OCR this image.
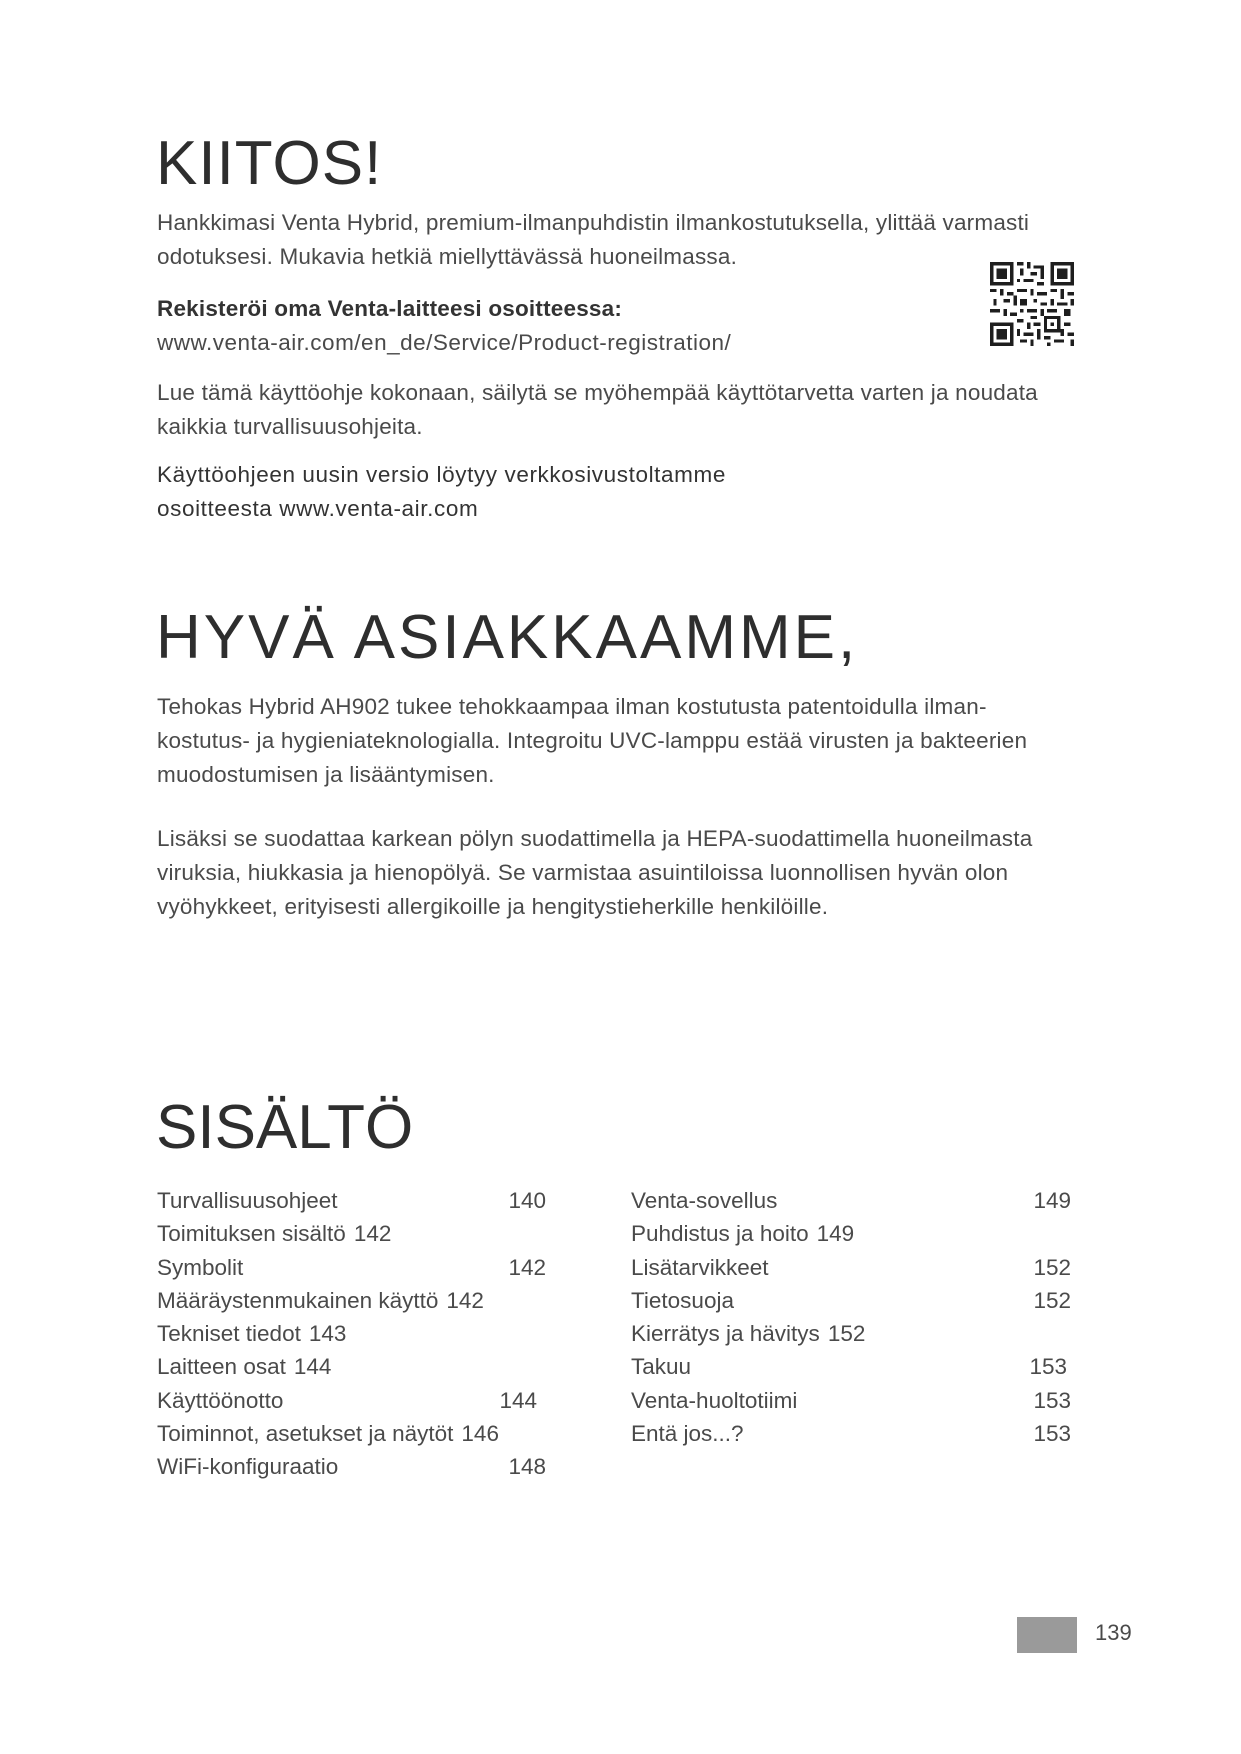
KIITOS!

Hankkimasi Venta Hybrid, premium-ilmanpuhdistin ilmankostutuksella, ylittää varmasti odotuksesi. Mukavia hetkiä miellyttävässä huoneilmassa.

Rekisteröi oma Venta-laitteesi osoitteessa:

www.venta-air.com/en_de/Service/Product-registration/

Lue tämä käyttöohje kokonaan, säilytä se myöhempää käyttötarvetta varten ja noudata kaikkia turvallisuusohjeita.

Käyttöohjeen uusin versio löytyy verkkosivustoltamme
osoitteesta www.venta-air.com

HYVÄ ASIAKKAAMME,

Tehokas Hybrid AH902 tukee tehokkaampaa ilman kostutusta patentoidulla ilmankostutus- ja hygieniateknologialla. Integroitu UVC-lamppu estää virusten ja bakteerien muodostumisen ja lisääntymisen.

Lisäksi se suodattaa karkean pölyn suodattimella ja HEPA-suodattimella huoneilmasta viruksia, hiukkasia ja hienopölyä. Se varmistaa asuintiloissa luonnollisen hyvän olon vyöhykkeet, erityisesti allergikoille ja hengitystieherkille henkilöille.

SISÄLTÖ
Turvallisuusohjeet	140
Toimituksen sisältö 142
Symbolit	142
Määräystenmukainen käyttö 142
Tekniset tiedot 143
Laitteen osat 144
Käyttöönotto	144
Toiminnot, asetukset ja näytöt 146
WiFi-konfiguraatio	148
Venta-sovellus	149
Puhdistus ja hoito 149
Lisätarvikkeet	152
Tietosuoja	152
Kierrätys ja hävitys 152
Takuu	153
Venta-huoltotiimi	153
Entä jos...?	153
139
